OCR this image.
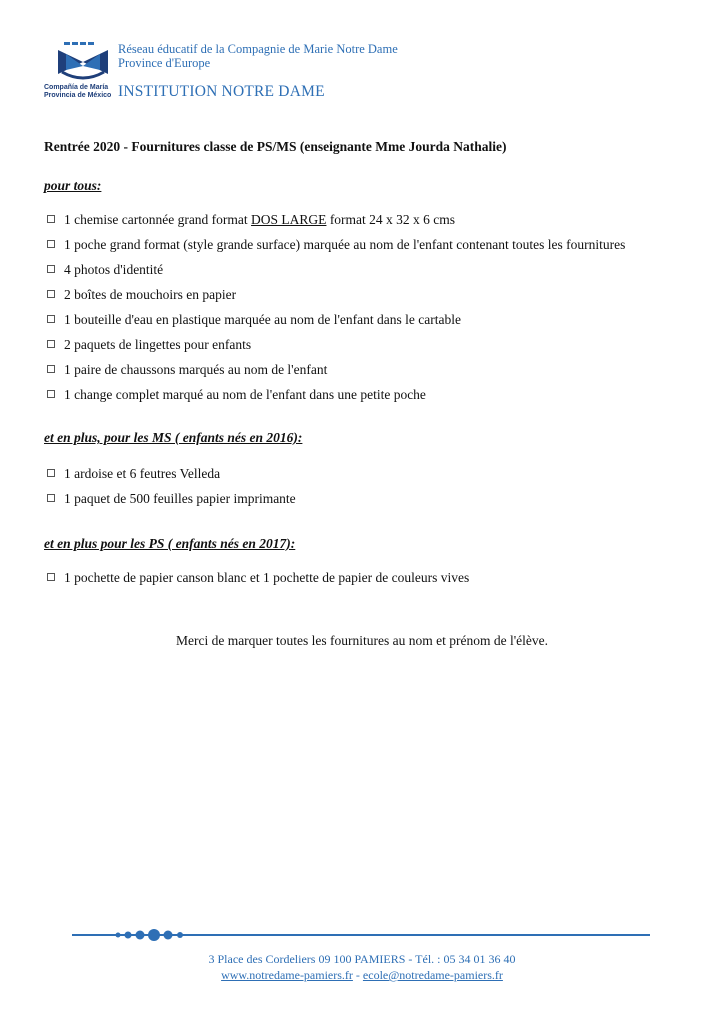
Compañía de María
Provincia de México
Réseau éducatif de la Compagnie de Marie Notre Dame
Province d'Europe
INSTITUTION NOTRE DAME
Rentrée 2020 - Fournitures classe de PS/MS (enseignante Mme Jourda Nathalie)
pour tous:
1 chemise cartonnée grand format DOS LARGE format 24 x 32 x 6 cms
1 poche grand format (style grande surface) marquée au nom de l'enfant contenant toutes les fournitures
4 photos d'identité
2 boîtes de mouchoirs en papier
1 bouteille d'eau en plastique marquée au nom de l'enfant dans le cartable
2 paquets de lingettes pour enfants
1 paire de chaussons marqués au nom de l'enfant
1 change complet marqué au nom de l'enfant dans une petite poche
et en plus, pour les MS ( enfants nés en 2016):
1 ardoise et 6 feutres Velleda
1 paquet de 500 feuilles papier imprimante
et en plus pour les PS ( enfants nés en 2017):
1 pochette de papier canson blanc et 1 pochette de papier de couleurs vives
Merci de marquer toutes les fournitures au nom et prénom de l'élève.
3 Place des Cordeliers 09 100 PAMIERS - Tél. : 05 34 01 36 40
www.notredame-pamiers.fr - ecole@notredame-pamiers.fr
